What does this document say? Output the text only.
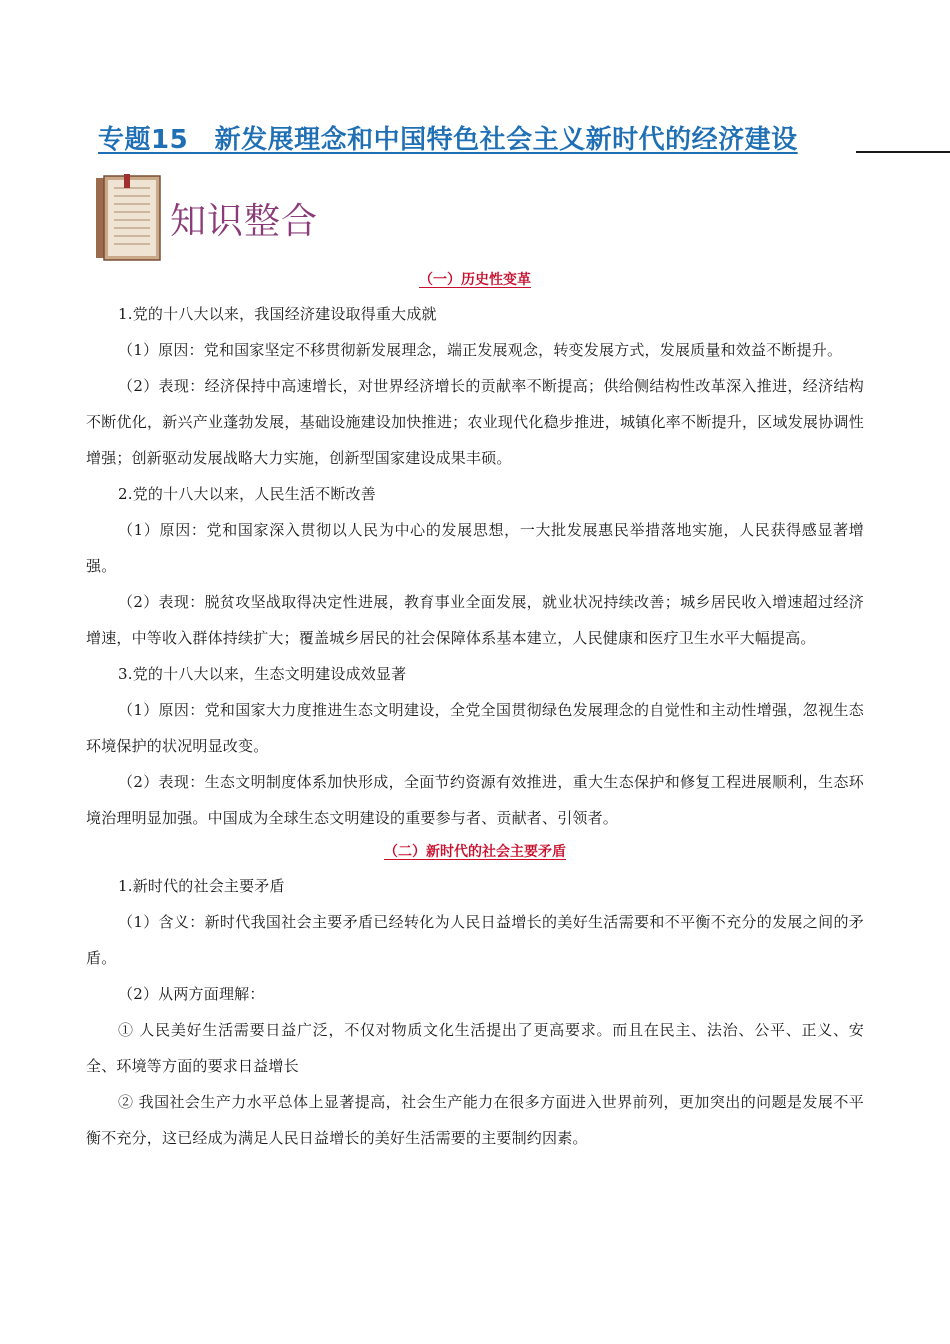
专题15　新发展理念和中国特色社会主义新时代的经济建设
知识整合
（一）历史性变革

1.党的十八大以来，我国经济建设取得重大成就

（1）原因：党和国家坚定不移贯彻新发展理念，端正发展观念，转变发展方式，发展质量和效益不断提升。

（2）表现：经济保持中高速增长，对世界经济增长的贡献率不断提高；供给侧结构性改革深入推进，经济结构不断优化，新兴产业蓬勃发展，基础设施建设加快推进；农业现代化稳步推进，城镇化率不断提升，区域发展协调性增强；创新驱动发展战略大力实施，创新型国家建设成果丰硕。

2.党的十八大以来，人民生活不断改善

（1）原因：党和国家深入贯彻以人民为中心的发展思想，一大批发展惠民举措落地实施，人民获得感显著增强。

（2）表现：脱贫攻坚战取得决定性进展，教育事业全面发展，就业状况持续改善；城乡居民收入增速超过经济增速，中等收入群体持续扩大；覆盖城乡居民的社会保障体系基本建立，人民健康和医疗卫生水平大幅提高。

3.党的十八大以来，生态文明建设成效显著

（1）原因：党和国家大力度推进生态文明建设，全党全国贯彻绿色发展理念的自觉性和主动性增强，忽视生态环境保护的状况明显改变。

（2）表现：生态文明制度体系加快形成，全面节约资源有效推进，重大生态保护和修复工程进展顺利，生态环境治理明显加强。中国成为全球生态文明建设的重要参与者、贡献者、引领者。

（二）新时代的社会主要矛盾

1.新时代的社会主要矛盾

（1）含义：新时代我国社会主要矛盾已经转化为人民日益增长的美好生活需要和不平衡不充分的发展之间的矛盾。

（2）从两方面理解：

① 人民美好生活需要日益广泛，不仅对物质文化生活提出了更高要求。而且在民主、法治、公平、正义、安全、环境等方面的要求日益增长

② 我国社会生产力水平总体上显著提高，社会生产能力在很多方面进入世界前列，更加突出的问题是发展不平衡不充分，这已经成为满足人民日益增长的美好生活需要的主要制约因素。
